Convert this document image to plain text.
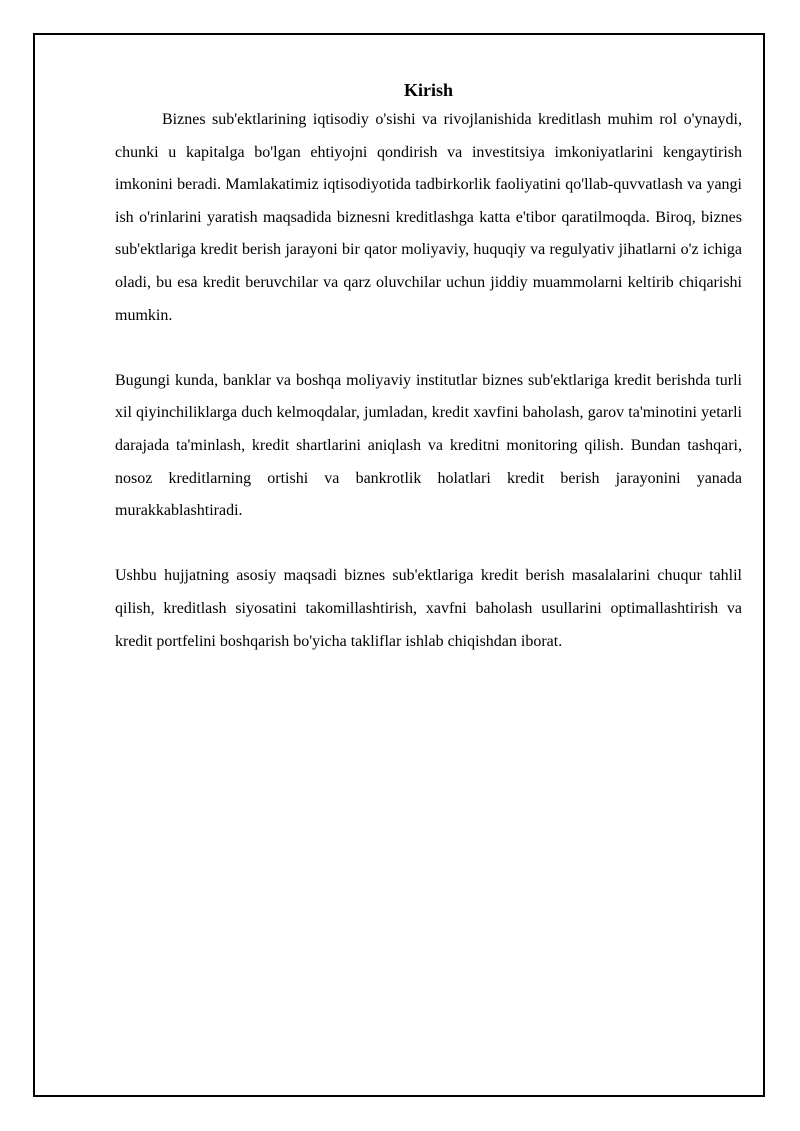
Kirish

Biznes sub'ektlarining iqtisodiy o'sishi va rivojlanishida kreditlash muhim rol o'ynaydi, chunki u kapitalga bo'lgan ehtiyojni qondirish va investitsiya imkoniyatlarini kengaytirish imkonini beradi. Mamlakatimiz iqtisodiyotida tadbirkorlik faoliyatini qo'llab-quvvatlash va yangi ish o'rinlarini yaratish maqsadida biznesni kreditlashga katta e'tibor qaratilmoqda. Biroq, biznes sub'ektlariga kredit berish jarayoni bir qator moliyaviy, huquqiy va regulyativ jihatlarni o'z ichiga oladi, bu esa kredit beruvchilar va qarz oluvchilar uchun jiddiy muammolarni keltirib chiqarishi mumkin.

Bugungi kunda, banklar va boshqa moliyaviy institutlar biznes sub'ektlariga kredit berishda turli xil qiyinchiliklarga duch kelmoqdalar, jumladan, kredit xavfini baholash, garov ta'minotini yetarli darajada ta'minlash, kredit shartlarini aniqlash va kreditni monitoring qilish. Bundan tashqari, nosoz kreditlarning ortishi va bankrotlik holatlari kredit berish jarayonini yanada murakkablashtiradi.

Ushbu hujjatning asosiy maqsadi biznes sub'ektlariga kredit berish masalalarini chuqur tahlil qilish, kreditlash siyosatini takomillashtirish, xavfni baholash usullarini optimallashtirish va kredit portfelini boshqarish bo'yicha takliflar ishlab chiqishdan iborat.
